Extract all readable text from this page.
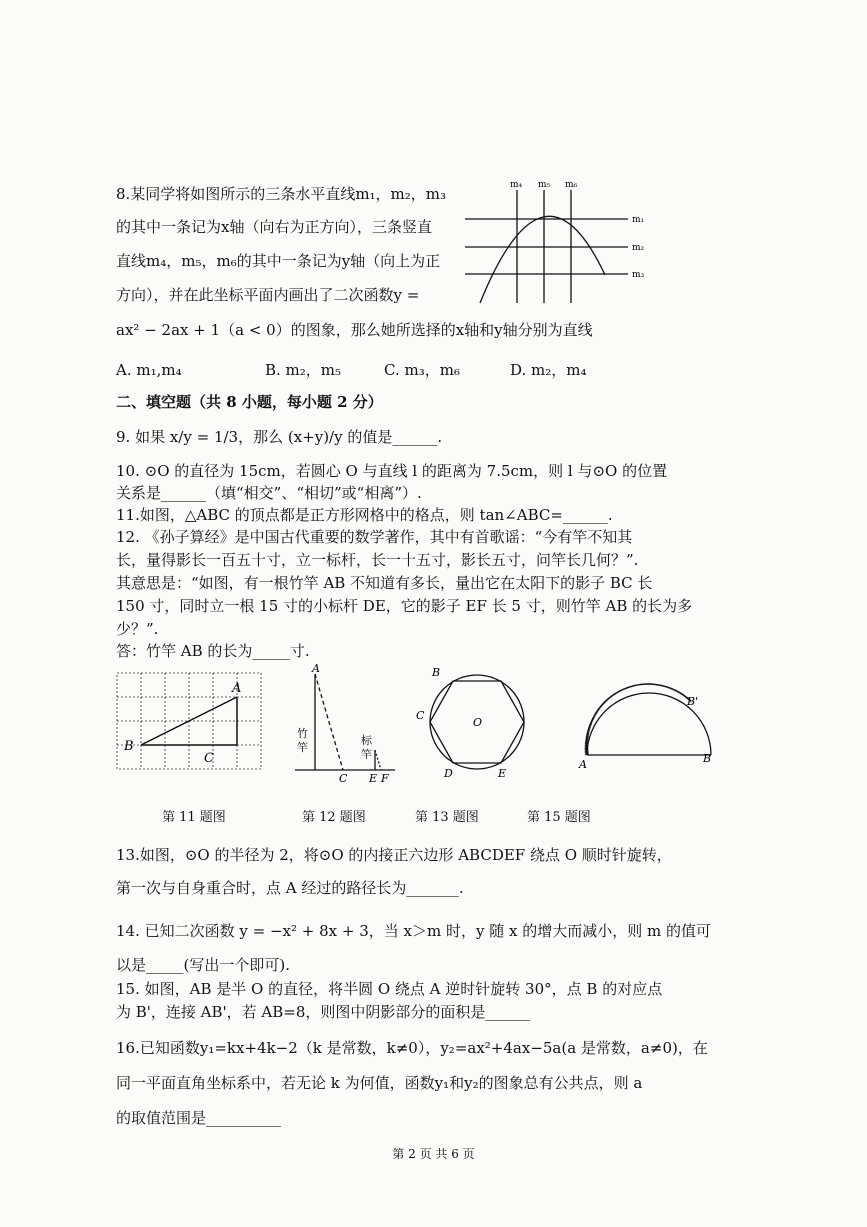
8.某同学将如图所示的三条水平直线m₁，m₂，m₃
的其中一条记为x轴（向右为正方向），三条竖直
直线m₄，m₅，m₆的其中一条记为y轴（向上为正
方向），并在此坐标平面内画出了二次函数y =
ax² − 2ax + 1（a < 0）的图象，那么她所选择的x轴和y轴分别为直线
A. m₁,m₄	B. m₂，m₅	C. m₃，m₆	D. m₂，m₄
m₄ m₅ m₆
m₁
m₂
m₃
二、填空题（共 8 小题，每小题 2 分）
9. 如果 x/y = 1/3，那么 (x+y)/y 的值是______.
10. ⊙O 的直径为 15cm，若圆心 O 与直线 l 的距离为 7.5cm，则 l 与⊙O 的位置
关系是______（填“相交”、“相切”或“相离”）.
11.如图，△ABC 的顶点都是正方形网格中的格点，则 tan∠ABC=______.
12. 《孙子算经》是中国古代重要的数学著作，其中有首歌谣：“今有竿不知其
长，量得影长一百五十寸，立一标杆，长一十五寸，影长五寸，问竿长几何？”.
其意思是：“如图，有一根竹竿 AB 不知道有多长，量出它在太阳下的影子 BC 长
150 寸，同时立一根 15 寸的小标杆 DE，它的影子 EF 长 5 寸，则竹竿 AB 的长为多
少？”.
答：竹竿 AB 的长为_____寸.
A
B
C
A
竹
竿
标
竿
C E F
B
C
D	E
O
A	B
B'
第 11 题图	第 12 题图	第 13 题图	第 15 题图
13.如图，⊙O 的半径为 2，将⊙O 的内接正六边形 ABCDEF 绕点 O 顺时针旋转，
第一次与自身重合时，点 A 经过的路径长为_______.
14. 已知二次函数 y = −x² + 8x + 3，当 x＞m 时，y 随 x 的增大而减小，则 m 的值可
以是_____(写出一个即可).
15. 如图，AB 是半 O 的直径，将半圆 O 绕点 A 逆时针旋转 30°，点 B 的对应点
为 B'，连接 AB'，若 AB=8，则图中阴影部分的面积是______
16.已知函数y₁=kx+4k−2（k 是常数，k≠0），y₂=ax²+4ax−5a(a 是常数，a≠0)，在
同一平面直角坐标系中，若无论 k 为何值，函数y₁和y₂的图象总有公共点，则 a
的取值范围是__________
第 2 页 共 6 页
